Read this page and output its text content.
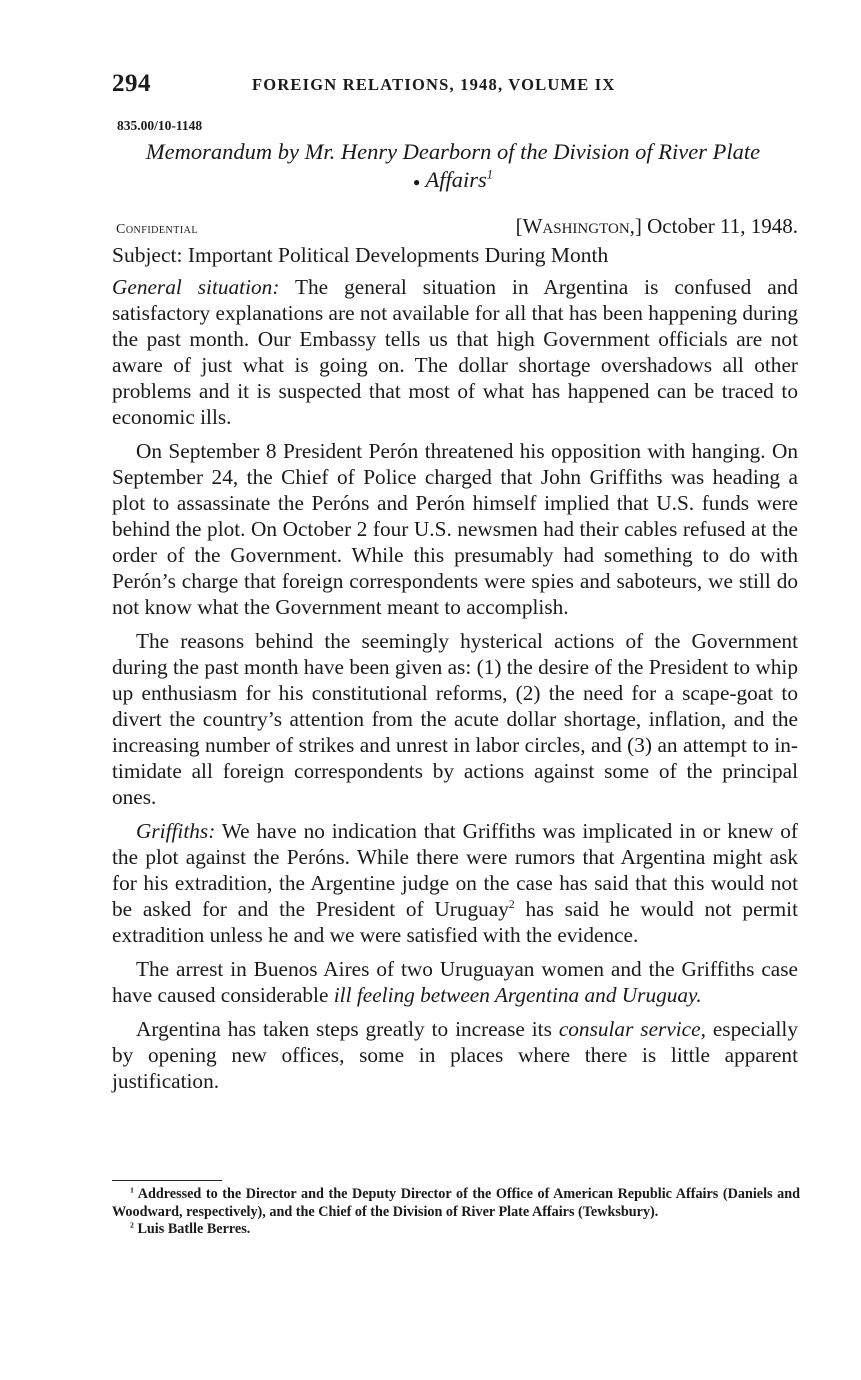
294	FOREIGN RELATIONS, 1948, VOLUME IX
835.00/10-1148
Memorandum by Mr. Henry Dearborn of the Division of River Plate
● Affairs$^1$
Confidential	[Washington,] October 11, 1948.
Subject: Important Political Developments During Month

General situation: The general situation in Argentina is confused and satisfactory explanations are not available for all that has been happening during the past month. Our Embassy tells us that high Government officials are not aware of just what is going on. The dollar shortage overshadows all other problems and it is suspected that most of what has happened can be traced to economic ills.

On September 8 President Perón threatened his opposition with hanging. On September 24, the Chief of Police charged that John Griffiths was heading a plot to assassinate the Peróns and Perón himself implied that U.S. funds were behind the plot. On October 2 four U.S. newsmen had their cables refused at the order of the Government. While this presumably had something to do with Perón’s charge that foreign correspondents were spies and saboteurs, we still do not know what the Government meant to accomplish.

The reasons behind the seemingly hysterical actions of the Government during the past month have been given as: (1) the desire of the President to whip up enthusiasm for his constitutional reforms, (2) the need for a scape-goat to divert the country’s attention from the acute dollar shortage, inflation, and the increasing number of strikes and unrest in labor circles, and (3) an attempt to intimidate all foreign correspondents by actions against some of the principal ones.

Griffiths: We have no indication that Griffiths was implicated in or knew of the plot against the Peróns. While there were rumors that Argentina might ask for his extradition, the Argentine judge on the case has said that this would not be asked for and the President of Uruguay$^2$ has said he would not permit extradition unless he and we were satisfied with the evidence.

The arrest in Buenos Aires of two Uruguayan women and the Griffiths case have caused considerable ill feeling between Argentina and Uruguay.

Argentina has taken steps greatly to increase its consular service, especially by opening new offices, some in places where there is little apparent justification.

$^1$ Addressed to the Director and the Deputy Director of the Office of American Republic Affairs (Daniels and Woodward, respectively), and the Chief of the Division of River Plate Affairs (Tewksbury).

$^2$ Luis Batlle Berres.
